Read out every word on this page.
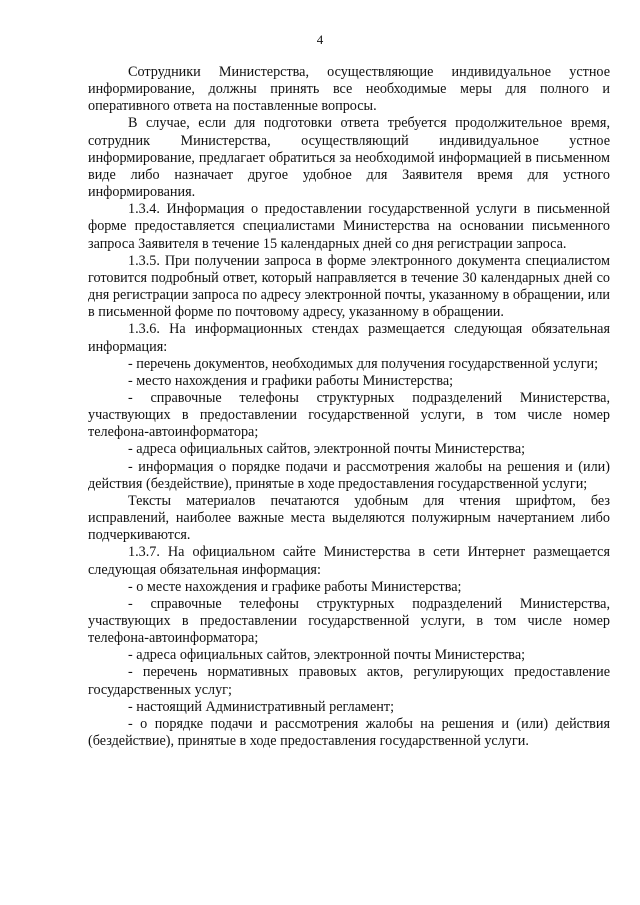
4

Сотрудники Министерства, осуществляющие индивидуальное устное информирование, должны принять все необходимые меры для полного и оперативного ответа на поставленные вопросы.

В случае, если для подготовки ответа требуется продолжительное время, сотрудник Министерства, осуществляющий индивидуальное устное информирование, предлагает обратиться за необходимой информацией в письменном виде либо назначает другое удобное для Заявителя время для устного информирования.

1.3.4. Информация о предоставлении государственной услуги в письменной форме предоставляется специалистами Министерства на основании письменного запроса Заявителя в течение 15 календарных дней со дня регистрации запроса.

1.3.5. При получении запроса в форме электронного документа специалистом готовится подробный ответ, который направляется в течение 30 календарных дней со дня регистрации запроса по адресу электронной почты, указанному в обращении, или в письменной форме по почтовому адресу, указанному в обращении.

1.3.6. На информационных стендах размещается следующая обязательная информация:

- перечень документов, необходимых для получения государственной услуги;

- место нахождения и графики работы Министерства;

- справочные телефоны структурных подразделений Министерства, участвующих в предоставлении государственной услуги, в том числе номер телефона-автоинформатора;

- адреса официальных сайтов, электронной почты Министерства;

- информация о порядке подачи и рассмотрения жалобы на решения и (или) действия (бездействие), принятые в ходе предоставления государственной услуги;

Тексты материалов печатаются удобным для чтения шрифтом, без исправлений, наиболее важные места выделяются полужирным начертанием либо подчеркиваются.

1.3.7. На официальном сайте Министерства в сети Интернет размещается следующая обязательная информация:

- о месте нахождения и графике работы Министерства;

- справочные телефоны структурных подразделений Министерства, участвующих в предоставлении государственной услуги, в том числе номер телефона-автоинформатора;

- адреса официальных сайтов, электронной почты Министерства;

- перечень нормативных правовых актов, регулирующих предоставление государственных услуг;

- настоящий Административный регламент;

- о порядке подачи и рассмотрения жалобы на решения и (или) действия (бездействие), принятые в ходе предоставления государственной услуги.
